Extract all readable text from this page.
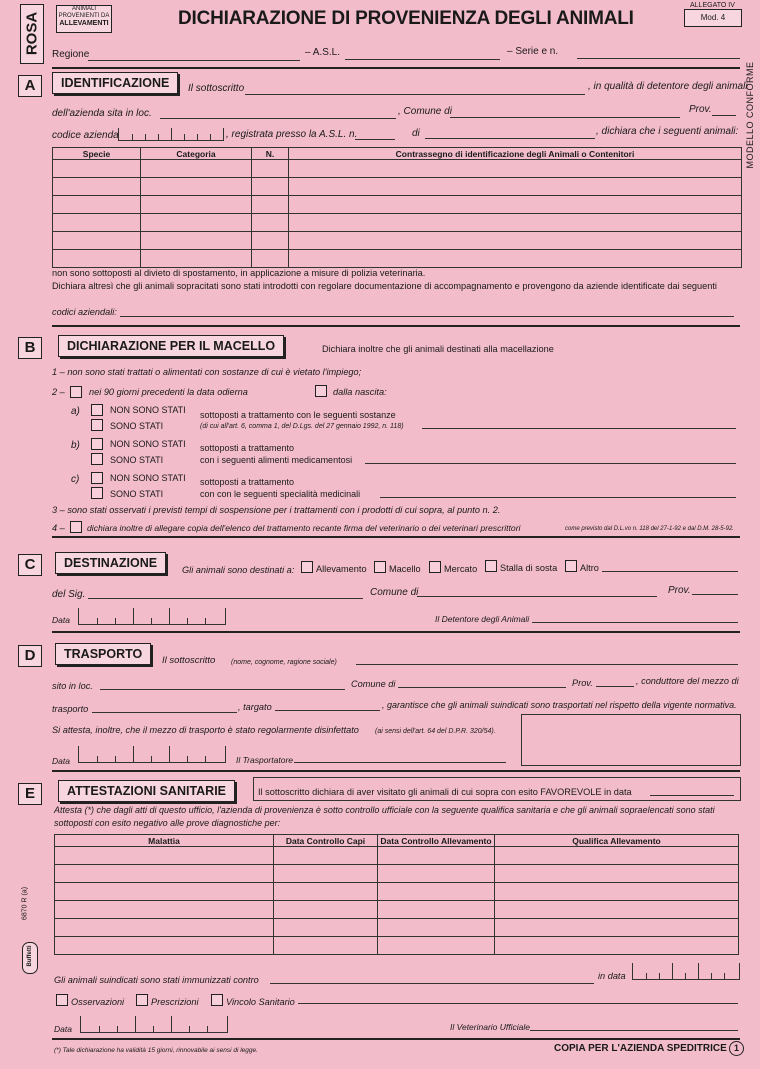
ROSA
ANIMALI
PROVENIENTI DA
ALLEVAMENTI	DICHIARAZIONE DI PROVENIENZA DEGLI ANIMALI
ALLEGATO IV
Mod. 4
Regione	– A.S.L.	– Serie e n.
MODELLO CONFORME
A	IDENTIFICAZIONE	Il sottoscritto	, in qualità di detentore degli animali
dell'azienda sita in loc.	, Comune di	Prov.
codice azienda	, registrata presso la A.S.L. n.	di	, dichiara che i seguenti animali:
Specie	Categoria	N.	Contrassegno di identificazione degli Animali o Contenitori

non sono sottoposti al divieto di spostamento, in applicazione a misure di polizia veterinaria.
Dichiara altresì che gli animali sopracitati sono stati introdotti con regolare documentazione di accompagnamento e provengono da aziende identificate dai seguenti
codici aziendali:
B	DICHIARAZIONE PER IL MACELLO	Dichiara inoltre che gli animali destinati alla macellazione
1 – non sono stati trattati o alimentati con sostanze di cui è vietato l'impiego;
2 –	nei 90 giorni precedenti la data odierna	dalla nascita:
a)	NON SONO STATI
SONO STATI
sottoposti a trattamento con le seguenti sostanze
(di cui all'art. 6, comma 1, del D.Lgs. del 27 gennaio 1992, n. 118)
b)	NON SONO STATI
SONO STATI
sottoposti a trattamento
con i seguenti alimenti medicamentosi
c)	NON SONO STATI
SONO STATI
sottoposti a trattamento
con con le seguenti specialità medicinali
3 – sono stati osservati i previsti tempi di sospensione per i trattamenti con i prodotti di cui sopra, al punto n. 2.
4 –	dichiara inoltre di allegare copia dell'elenco del trattamento recante firma del veterinario o dei veterinari prescrittori	come previsto dal D.L.vo n. 118 del 27-1-92 e dal D.M. 28-5-92.
C	DESTINAZIONE	Gli animali sono destinati a: Allevamento Macello	Mercato Stalla di sosta Altro
del Sig.	Comune di	Prov.
Data	Il Detentore degli Animali
D	TRASPORTO	Il sottoscritto (nome, cognome, ragione sociale)
sito in loc.	Comune di	Prov.	, conduttore del mezzo di
trasporto	, targato	, garantisce che gli animali suindicati sono trasportati nel rispetto della vigente normativa.
Si attesta, inoltre, che il mezzo di trasporto è stato regolarmente disinfettato (ai sensi dell'art. 64 del D.P.R. 320/54).
Data	Il Trasportatore
E	ATTESTAZIONI SANITARIE	Il sottoscritto dichiara di aver visitato gli animali di cui sopra con esito FAVOREVOLE in data
Attesta (*) che dagli atti di questo ufficio, l'azienda di provenienza è sotto controllo ufficiale con la seguente qualifica sanitaria e che gli animali sopraelencati sono stati
sottoposti con esito negativo alle prove diagnostiche per:
Malattia	Data Controllo Capi	Data Controllo Allevamento	Qualifica Allevamento

Gli animali suindicati sono stati immunizzati contro	in data
Osservazioni	Prescrizioni	Vincolo Sanitario
Data	Il Veterinario Ufficiale
(*) Tale dichiarazione ha validità 15 giorni, rinnovabile ai sensi di legge.	COPIA PER L'AZIENDA SPEDITRICE 1
6870 R (a)
Buffetti
